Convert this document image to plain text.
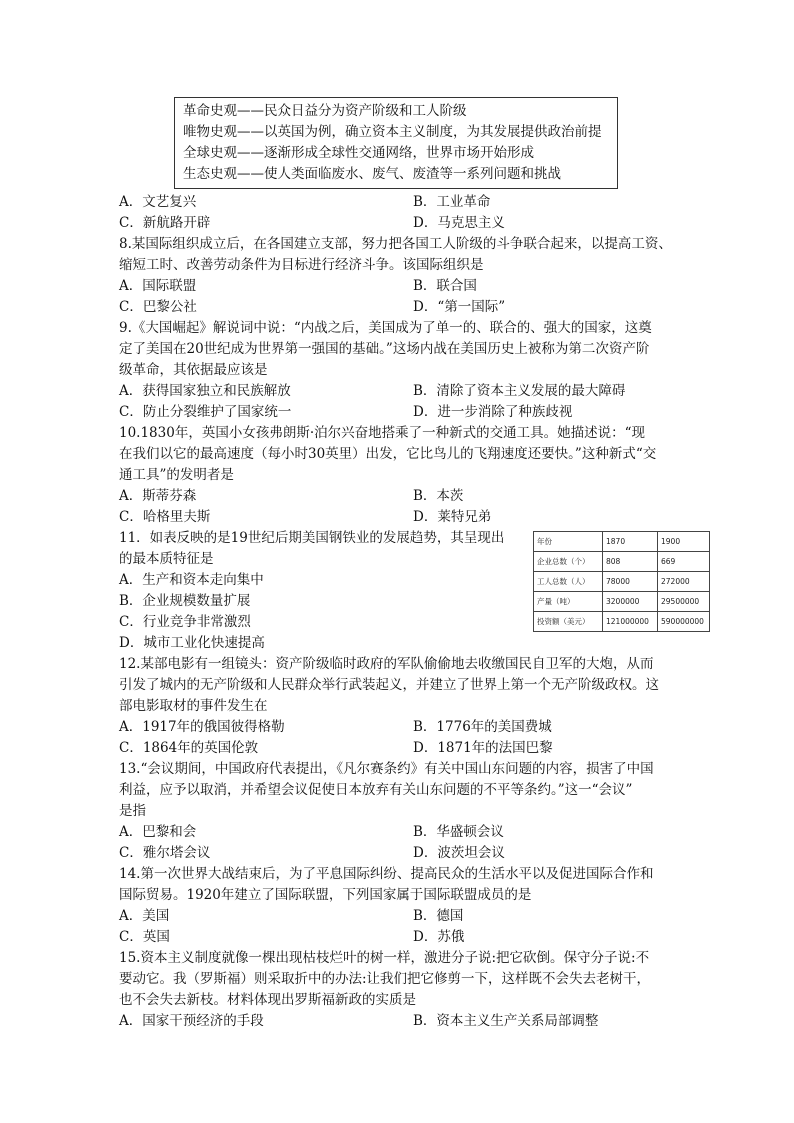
革命史观——民众日益分为资产阶级和工人阶级
唯物史观——以英国为例，确立资本主义制度，为其发展提供政治前提
全球史观——逐渐形成全球性交通网络，世界市场开始形成
生态史观——使人类面临废水、废气、废渣等一系列问题和挑战
A．文艺复兴	B．工业革命
C．新航路开辟	D．马克思主义
8.某国际组织成立后，在各国建立支部，努力把各国工人阶级的斗争联合起来，以提高工资、
缩短工时、改善劳动条件为目标进行经济斗争。该国际组织是
A．国际联盟	B．联合国
C．巴黎公社	D．“第一国际”
9.《大国崛起》解说词中说：“内战之后，美国成为了单一的、联合的、强大的国家，这奠
定了美国在20世纪成为世界第一强国的基础。”这场内战在美国历史上被称为第二次资产阶
级革命，其依据最应该是
A．获得国家独立和民族解放	B．清除了资本主义发展的最大障碍
C．防止分裂维护了国家统一	D．进一步消除了种族歧视
10.1830年，英国小女孩弗朗斯·泊尔兴奋地搭乘了一种新式的交通工具。她描述说：“现
在我们以它的最高速度（每小时30英里）出发，它比鸟儿的飞翔速度还要快。”这种新式“交
通工具”的发明者是
A．斯蒂芬森	B．本茨
C．哈格里夫斯	D．莱特兄弟
11．如表反映的是19世纪后期美国钢铁业的发展趋势，其呈现出
的最本质特征是
A．生产和资本走向集中
B．企业规模数量扩展
C．行业竞争非常激烈
D．城市工业化快速提高
年份	1870	1900
企业总数（个）	808	669
工人总数（人）	78000	272000
产量（吨）	3200000	29500000
投资额（美元）	121000000	590000000
12.某部电影有一组镜头：资产阶级临时政府的军队偷偷地去收缴国民自卫军的大炮，从而
引发了城内的无产阶级和人民群众举行武装起义，并建立了世界上第一个无产阶级政权。这
部电影取材的事件发生在
A．1917年的俄国彼得格勒	B．1776年的美国费城
C．1864年的英国伦敦	D．1871年的法国巴黎
13.“会议期间，中国政府代表提出，《凡尔赛条约》有关中国山东问题的内容，损害了中国
利益，应予以取消，并希望会议促使日本放弃有关山东问题的不平等条约。”这一“会议”
是指
A．巴黎和会	B．华盛顿会议
C．雅尔塔会议	D．波茨坦会议
14.第一次世界大战结束后，为了平息国际纠纷、提高民众的生活水平以及促进国际合作和
国际贸易。1920年建立了国际联盟，下列国家属于国际联盟成员的是
A．美国	B．德国
C．英国	D．苏俄
15.资本主义制度就像一棵出现枯枝烂叶的树一样，激进分子说:把它砍倒。保守分子说:不
要动它。我（罗斯福）则采取折中的办法:让我们把它修剪一下，这样既不会失去老树干，
也不会失去新枝。材料体现出罗斯福新政的实质是
A．国家干预经济的手段	B．资本主义生产关系局部调整
